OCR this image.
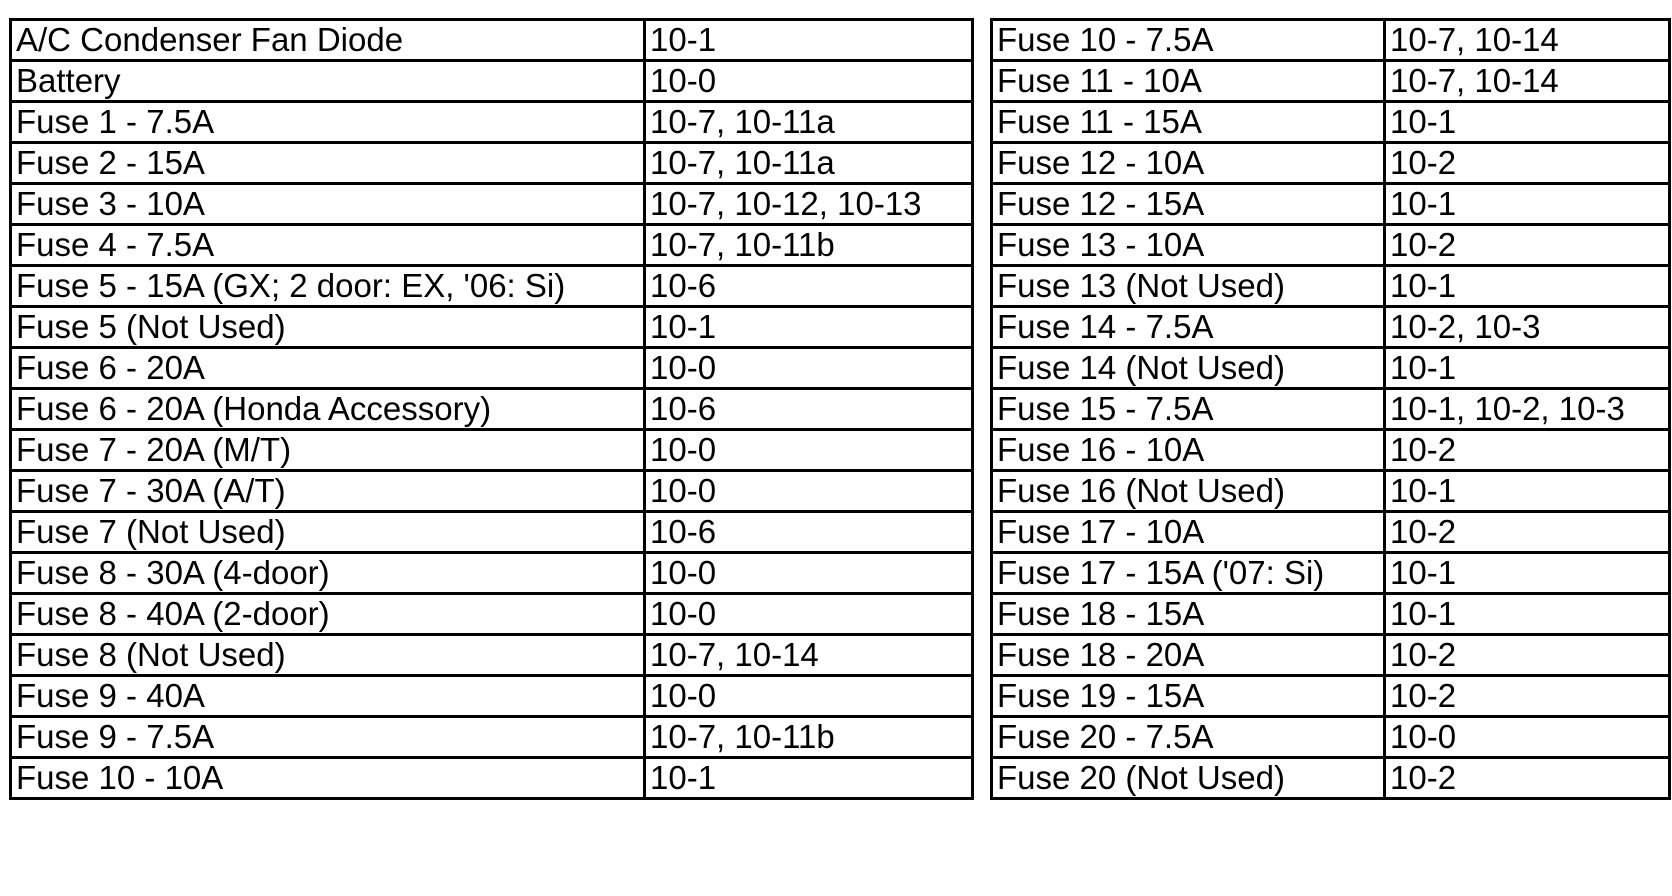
A/C Condenser Fan Diode	10-1
Battery	10-0
Fuse 1 - 7.5A	10-7, 10-11a
Fuse 2 - 15A	10-7, 10-11a
Fuse 3 - 10A	10-7, 10-12, 10-13
Fuse 4 - 7.5A	10-7, 10-11b
Fuse 5 - 15A (GX; 2 door: EX, '06: Si)	10-6
Fuse 5 (Not Used)	10-1
Fuse 6 - 20A	10-0
Fuse 6 - 20A (Honda Accessory)	10-6
Fuse 7 - 20A (M/T)	10-0
Fuse 7 - 30A (A/T)	10-0
Fuse 7 (Not Used)	10-6
Fuse 8 - 30A (4-door)	10-0
Fuse 8 - 40A (2-door)	10-0
Fuse 8 (Not Used)	10-7, 10-14
Fuse 9 - 40A	10-0
Fuse 9 - 7.5A	10-7, 10-11b
Fuse 10 - 10A	10-1
Fuse 10 - 7.5A	10-7, 10-14
Fuse 11 - 10A	10-7, 10-14
Fuse 11 - 15A	10-1
Fuse 12 - 10A	10-2
Fuse 12 - 15A	10-1
Fuse 13 - 10A	10-2
Fuse 13 (Not Used)	10-1
Fuse 14 - 7.5A	10-2, 10-3
Fuse 14 (Not Used)	10-1
Fuse 15 - 7.5A	10-1, 10-2, 10-3
Fuse 16 - 10A	10-2
Fuse 16 (Not Used)	10-1
Fuse 17 - 10A	10-2
Fuse 17 - 15A ('07: Si)	10-1
Fuse 18 - 15A	10-1
Fuse 18 - 20A	10-2
Fuse 19 - 15A	10-2
Fuse 20 - 7.5A	10-0
Fuse 20 (Not Used)	10-2
